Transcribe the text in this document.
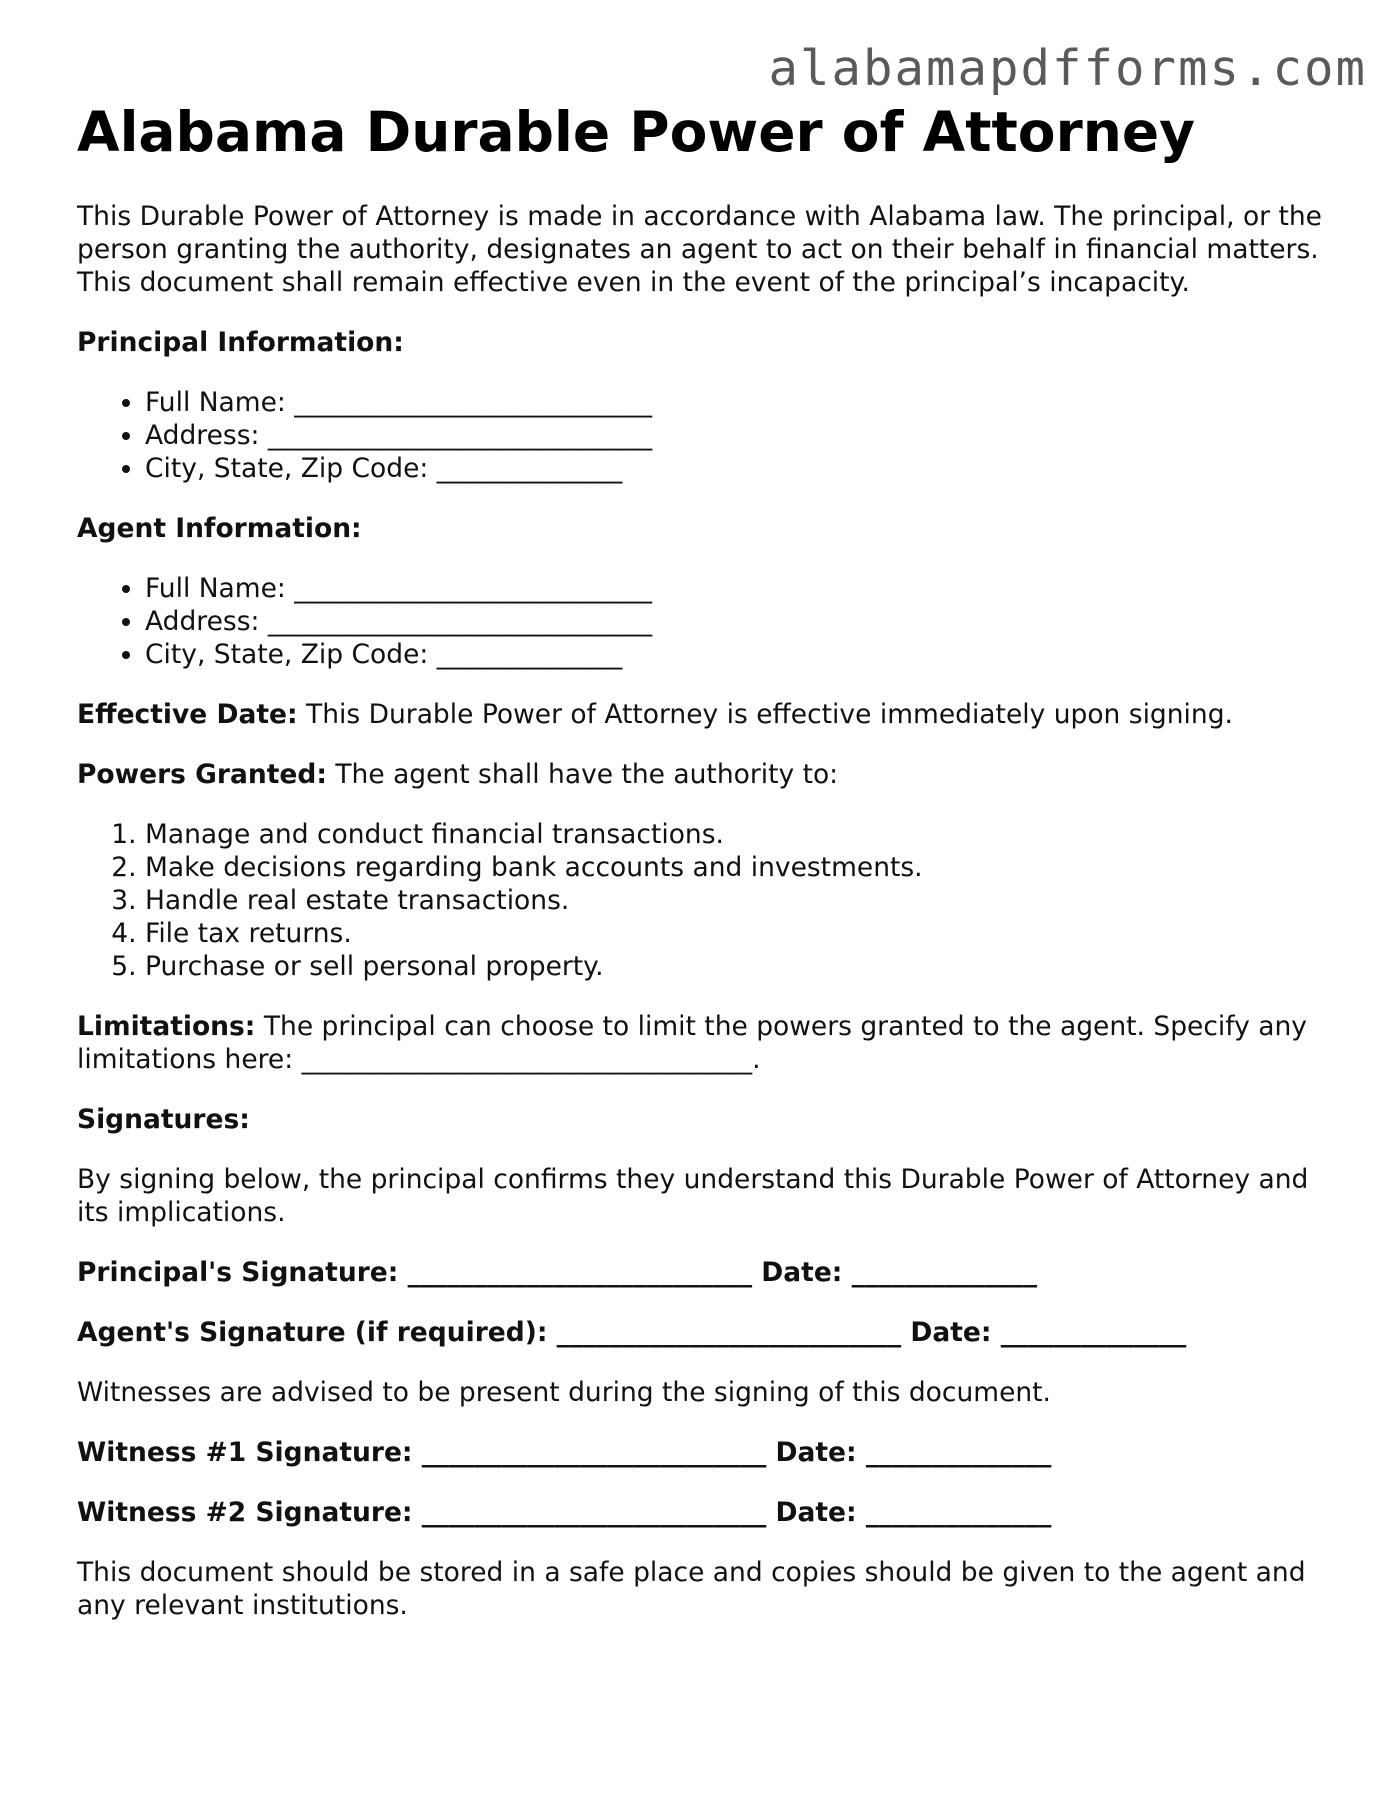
alabamapdfforms.com
Alabama Durable Power of Attorney

This Durable Power of Attorney is made in accordance with Alabama law. The principal, or the person granting the authority, designates an agent to act on their behalf in financial matters. This document shall remain effective even in the event of the principal’s incapacity.

Principal Information:

• Full Name: ___________________________
• Address: _____________________________
• City, State, Zip Code: ______________

Agent Information:

• Full Name: ___________________________
• Address: _____________________________
• City, State, Zip Code: ______________

Effective Date: This Durable Power of Attorney is effective immediately upon signing.

Powers Granted: The agent shall have the authority to:

1. Manage and conduct financial transactions.
2. Make decisions regarding bank accounts and investments.
3. Handle real estate transactions.
4. File tax returns.
5. Purchase or sell personal property.

Limitations: The principal can choose to limit the powers granted to the agent. Specify any limitations here: __________________________________.

Signatures:

By signing below, the principal confirms they understand this Durable Power of Attorney and its implications.

Principal's Signature: __________________________ Date: ______________

Agent's Signature (if required): __________________________ Date: ______________

Witnesses are advised to be present during the signing of this document.

Witness #1 Signature: __________________________ Date: ______________

Witness #2 Signature: __________________________ Date: ______________

This document should be stored in a safe place and copies should be given to the agent and any relevant institutions.
